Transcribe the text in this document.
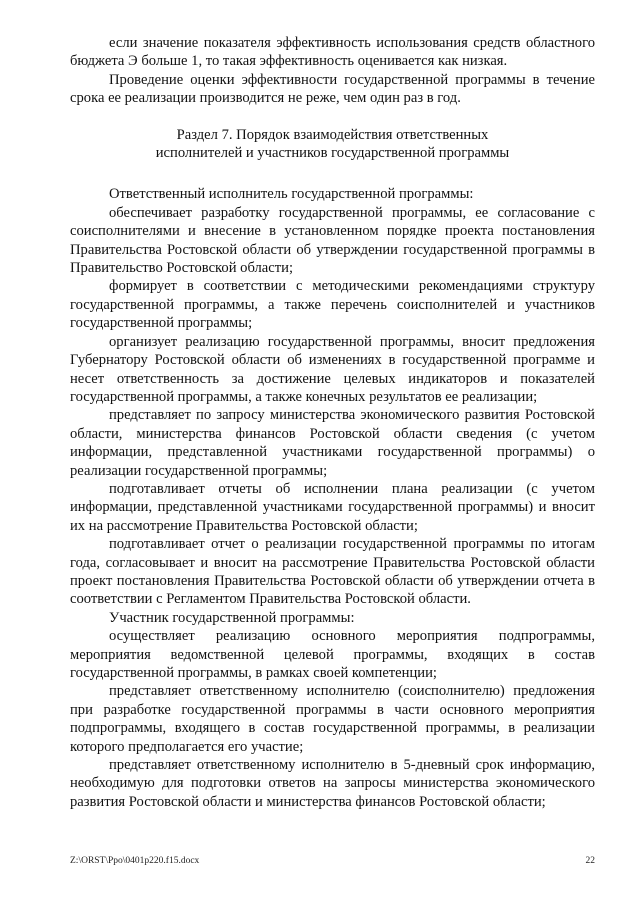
если значение показателя эффективность использования средств областного бюджета Э больше 1, то такая эффективность оценивается как низкая.

Проведение оценки эффективности государственной программы в течение срока ее реализации производится не реже, чем один раз в год.

Раздел 7. Порядок взаимодействия ответственных

исполнителей и участников государственной программы

Ответственный исполнитель государственной программы:

обеспечивает разработку государственной программы, ее согласование с соисполнителями и внесение в установленном порядке проекта постановления Правительства Ростовской области об утверждении государственной программы в Правительство Ростовской области;

формирует в соответствии с методическими рекомендациями структуру государственной программы, а также перечень соисполнителей и участников государственной программы;

организует реализацию государственной программы, вносит предложения Губернатору Ростовской области об изменениях в государственной программе и несет ответственность за достижение целевых индикаторов и показателей государственной программы, а также конечных результатов ее реализации;

представляет по запросу министерства экономического развития Ростовской области, министерства финансов Ростовской области сведения (с учетом информации, представленной участниками государственной программы) о реализации государственной программы;

подготавливает отчеты об исполнении плана реализации (с учетом информации, представленной участниками государственной программы) и вносит их на рассмотрение Правительства Ростовской области;

подготавливает отчет о реализации государственной программы по итогам года, согласовывает и вносит на рассмотрение Правительства Ростовской области проект постановления Правительства Ростовской области об утверждении отчета в соответствии с Регламентом Правительства Ростовской области.

Участник государственной программы:

осуществляет реализацию основного мероприятия подпрограммы, мероприятия ведомственной целевой программы, входящих в состав государственной программы, в рамках своей компетенции;

представляет ответственному исполнителю (соисполнителю) предложения при разработке государственной программы в части основного мероприятия подпрограммы, входящего в состав государственной программы, в реализации которого предполагается его участие;

представляет ответственному исполнителю в 5-дневный срок информацию, необходимую для подготовки ответов на запросы министерства экономического развития Ростовской области и министерства финансов Ростовской области;

Z:\ORST\Ppo\0401p220.f15.docx	22
